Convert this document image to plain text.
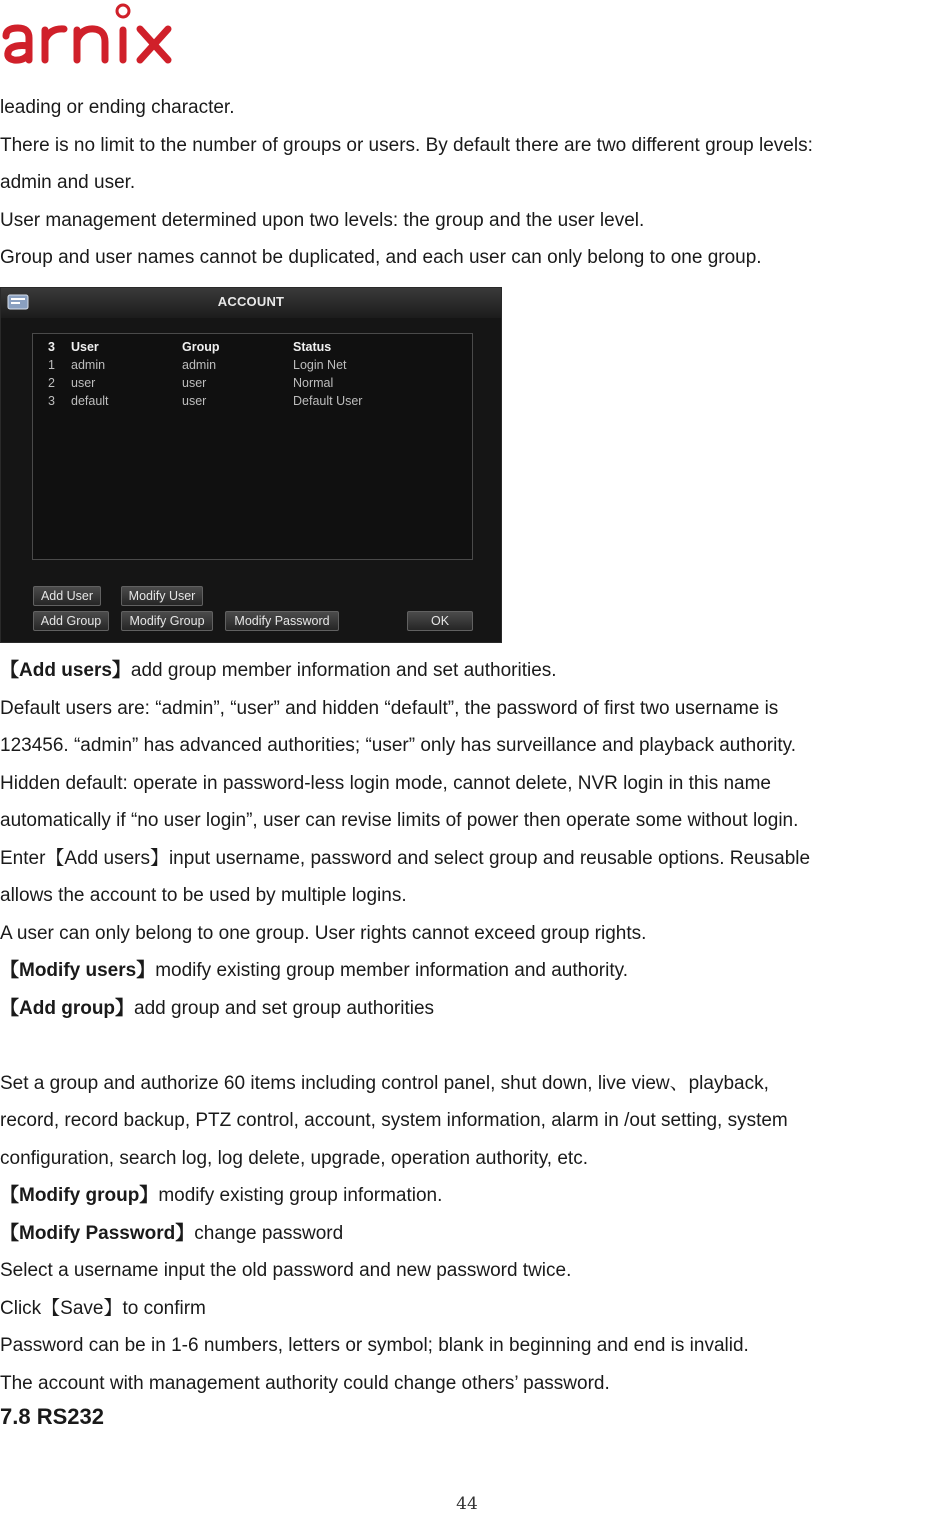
leading or ending character.

There is no limit to the number of groups or users. By default there are two different group levels:

admin and user.

User management determined upon two levels: the group and the user level.

Group and user names cannot be duplicated, and each user can only belong to one group.

ACCOUNT
3 User	Group	Status
1 admin	admin	Login Net
2 user	user	Normal
3 default	user	Default User
Add User	Modify User
Add Group	Modify Group	Modify Password	OK

【Add users】add group member information and set authorities.

Default users are: “admin”, “user” and hidden “default”, the password of first two username is

123456. “admin” has advanced authorities; “user” only has surveillance and playback authority.

Hidden default: operate in password-less login mode, cannot delete, NVR login in this name

automatically if “no user login”, user can revise limits of power then operate some without login.

Enter【Add users】input username, password and select group and reusable options. Reusable

allows the account to be used by multiple logins.

A user can only belong to one group. User rights cannot exceed group rights.

【Modify users】modify existing group member information and authority.

【Add group】add group and set group authorities

Set a group and authorize 60 items including control panel, shut down, live view、playback,

record, record backup, PTZ control, account, system information, alarm in /out setting, system

configuration, search log, log delete, upgrade, operation authority, etc.

【Modify group】modify existing group information.

【Modify Password】change password

Select a username input the old password and new password twice.

Click【Save】to confirm

Password can be in 1-6 numbers, letters or symbol; blank in beginning and end is invalid.

The account with management authority could change others’ password.

7.8 RS232
44
